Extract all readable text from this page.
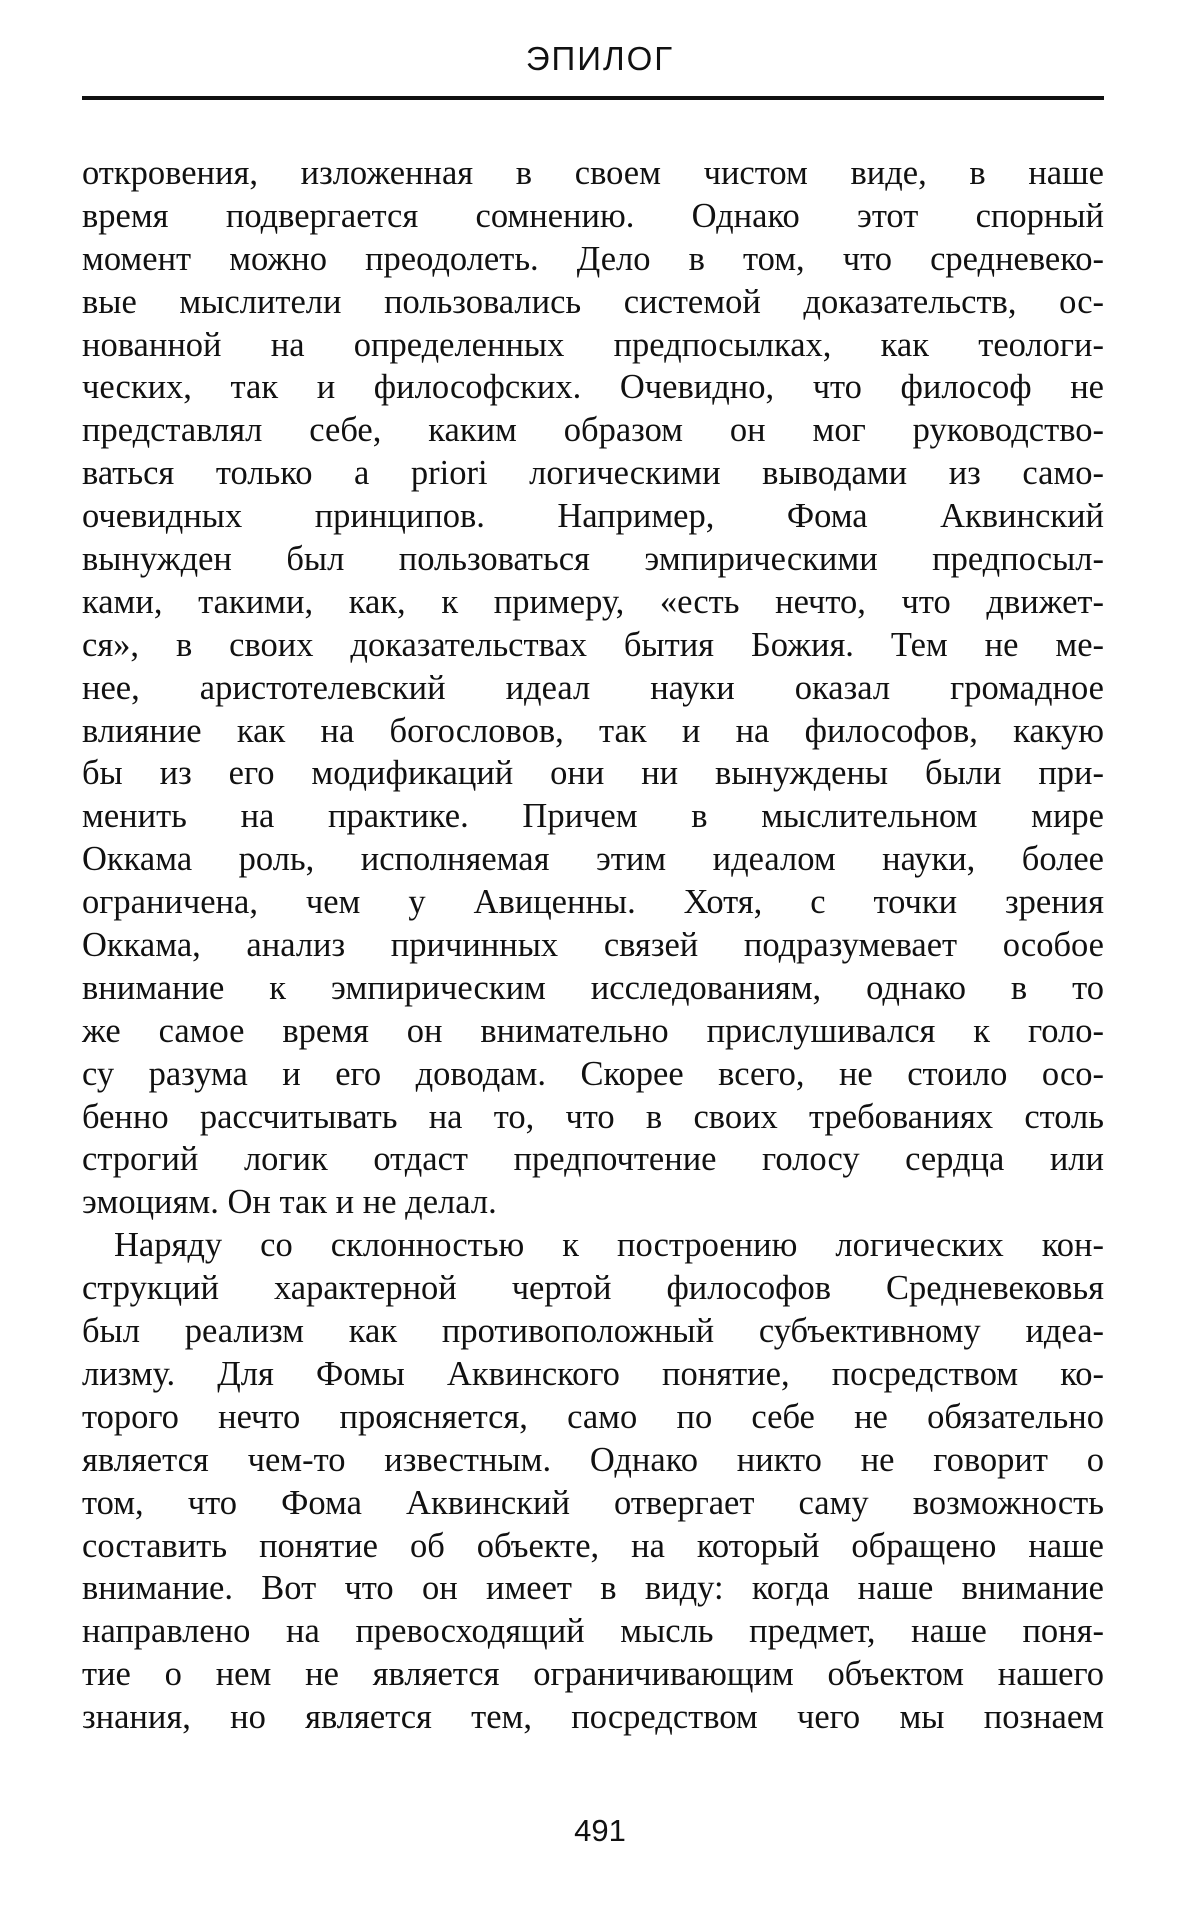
ЭПИЛОГ
откровения, изложенная в своем чистом виде, в наше
время подвергается сомнению. Однако этот спорный
момент можно преодолеть. Дело в том, что средневеко-
вые мыслители пользовались системой доказательств, ос-
нованной на определенных предпосылках, как теологи-
ческих, так и философских. Очевидно, что философ не
представлял себе, каким образом он мог руководство-
ваться только a priori логическими выводами из само-
очевидных принципов. Например, Фома Аквинский
вынужден был пользоваться эмпирическими предпосыл-
ками, такими, как, к примеру, «есть нечто, что движет-
ся», в своих доказательствах бытия Божия. Тем не ме-
нее, аристотелевский идеал науки оказал громадное
влияние как на богословов, так и на философов, какую
бы из его модификаций они ни вынуждены были при-
менить на практике. Причем в мыслительном мире
Оккама роль, исполняемая этим идеалом науки, более
ограничена, чем у Авиценны. Хотя, с точки зрения
Оккама, анализ причинных связей подразумевает особое
внимание к эмпирическим исследованиям, однако в то
же самое время он внимательно прислушивался к голо-
су разума и его доводам. Скорее всего, не стоило осо-
бенно рассчитывать на то, что в своих требованиях столь
строгий логик отдаст предпочтение голосу сердца или
эмоциям. Он так и не делал.
Наряду со склонностью к построению логических кон-
струкций характерной чертой философов Средневековья
был реализм как противоположный субъективному идеа-
лизму. Для Фомы Аквинского понятие, посредством ко-
торого нечто проясняется, само по себе не обязательно
является чем-то известным. Однако никто не говорит о
том, что Фома Аквинский отвергает саму возможность
составить понятие об объекте, на который обращено наше
внимание. Вот что он имеет в виду: когда наше внимание
направлено на превосходящий мысль предмет, наше поня-
тие о нем не является ограничивающим объектом нашего
знания, но является тем, посредством чего мы познаем
491
